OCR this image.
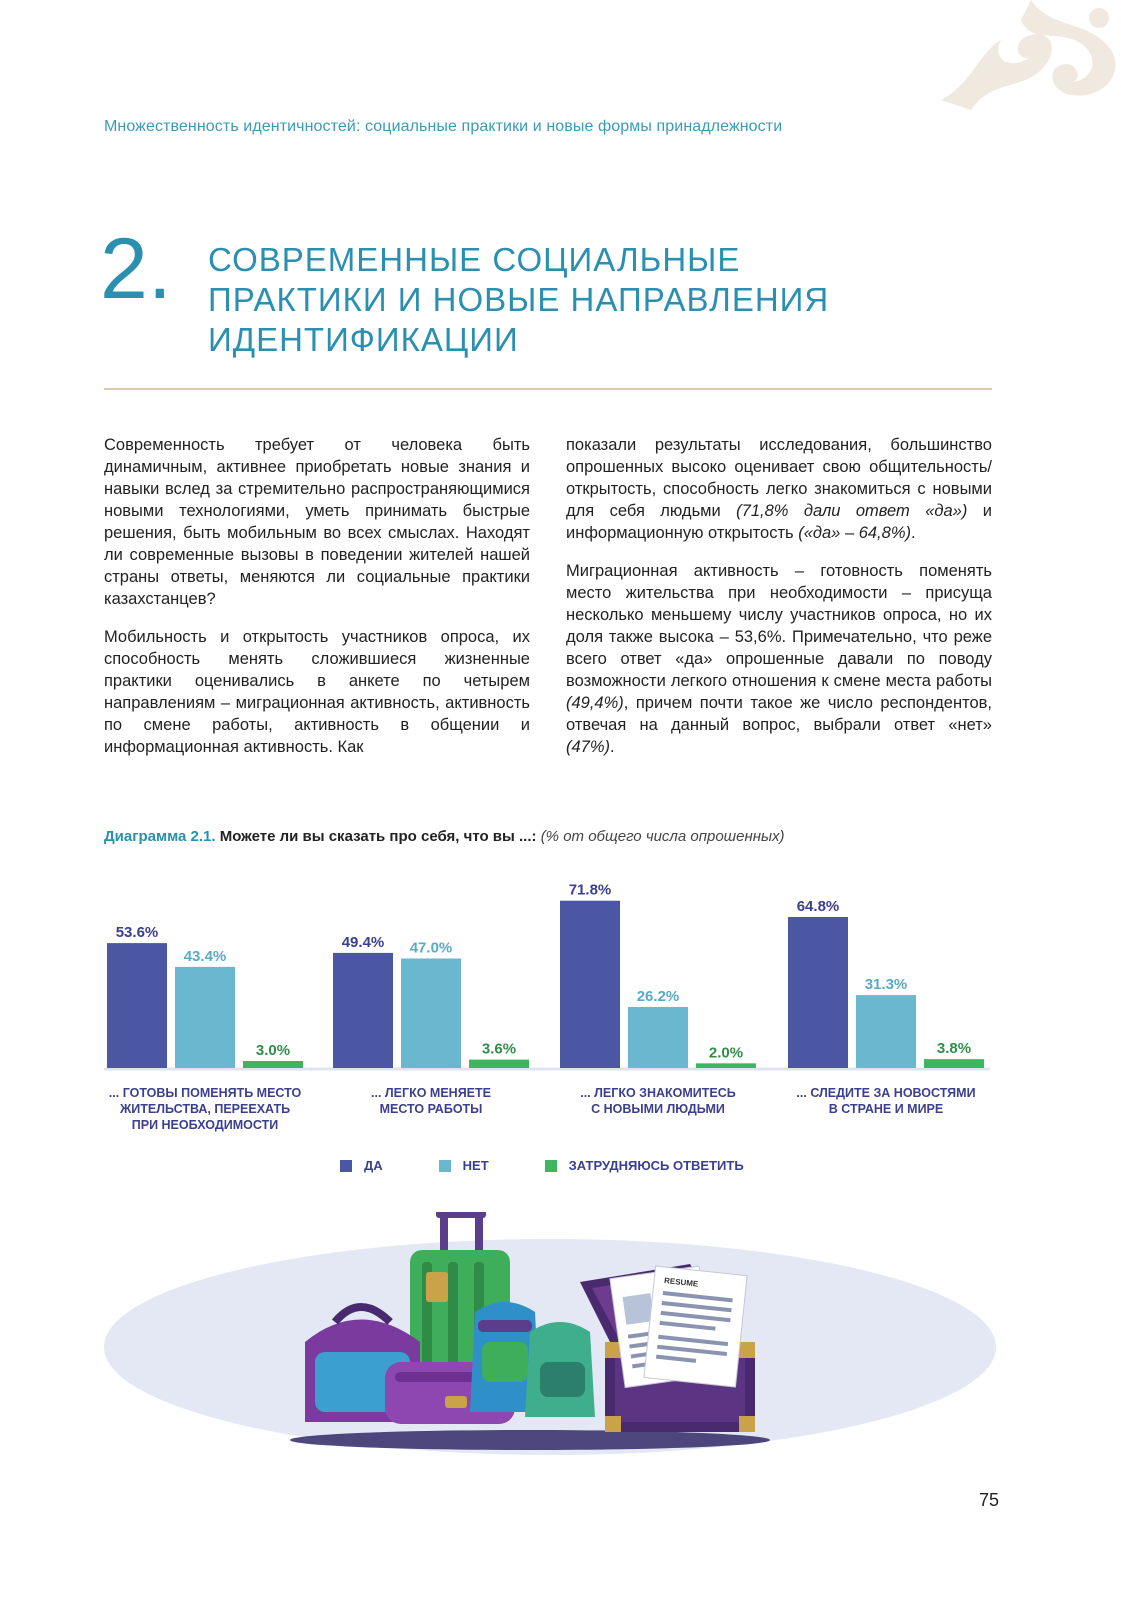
Множественность идентичностей: социальные практики и новые формы принадлежности
2. СОВРЕМЕННЫЕ СОЦИАЛЬНЫЕ
ПРАКТИКИ И НОВЫЕ НАПРАВЛЕНИЯ
ИДЕНТИФИКАЦИИ

Современность требует от человека быть динамичным, активнее приобретать новые знания и навыки вслед за стремительно распространяющимися новыми технологиями, уметь принимать быстрые решения, быть мобильным во всех смыслах. Находят ли современные вызовы в поведении жителей нашей страны ответы, меняются ли социальные практики казахстанцев?

Мобильность и открытость участников опроса, их способность менять сложившиеся жизненные практики оценивались в анкете по четырем направлениям – миграционная активность, активность по смене работы, активность в общении и информационная активность. Как

показали результаты исследования, большинство опрошенных высоко оценивает свою общительность/открытость, способность легко знакомиться с новыми для себя людьми (71,8% дали ответ «да») и информационную открытость («да» – 64,8%).

Миграционная активность – готовность поменять место жительства при необходимости – присуща несколько меньшему числу участников опроса, но их доля также высока – 53,6%. Примечательно, что реже всего ответ «да» опрошенные давали по поводу возможности легкого отношения к смене места работы (49,4%), причем почти такое же число респондентов, отвечая на данный вопрос, выбрали ответ «нет» (47%).

Диаграмма 2.1. Можете ли вы сказать про себя, что вы ...: (% от общего числа опрошенных)
53.6%
43.4%
3.0%
... ГОТОВЫ ПОМЕНЯТЬ МЕСТО
ЖИТЕЛЬСТВА, ПЕРЕЕХАТЬ
ПРИ НЕОБХОДИМОСТИ
49.4% 47.0%
3.6%
... ЛЕГКО МЕНЯЕТЕ
МЕСТО РАБОТЫ
71.8%
26.2%
2.0%
... ЛЕГКО ЗНАКОМИТЕСЬ
С НОВЫМИ ЛЮДЬМИ
64.8%
31.3%
3.8%
... СЛЕДИТЕ ЗА НОВОСТЯМИ
В СТРАНЕ И МИРЕ
ДА	НЕТ	ЗАТРУДНЯЮСЬ ОТВЕТИТЬ
RESUME
75
